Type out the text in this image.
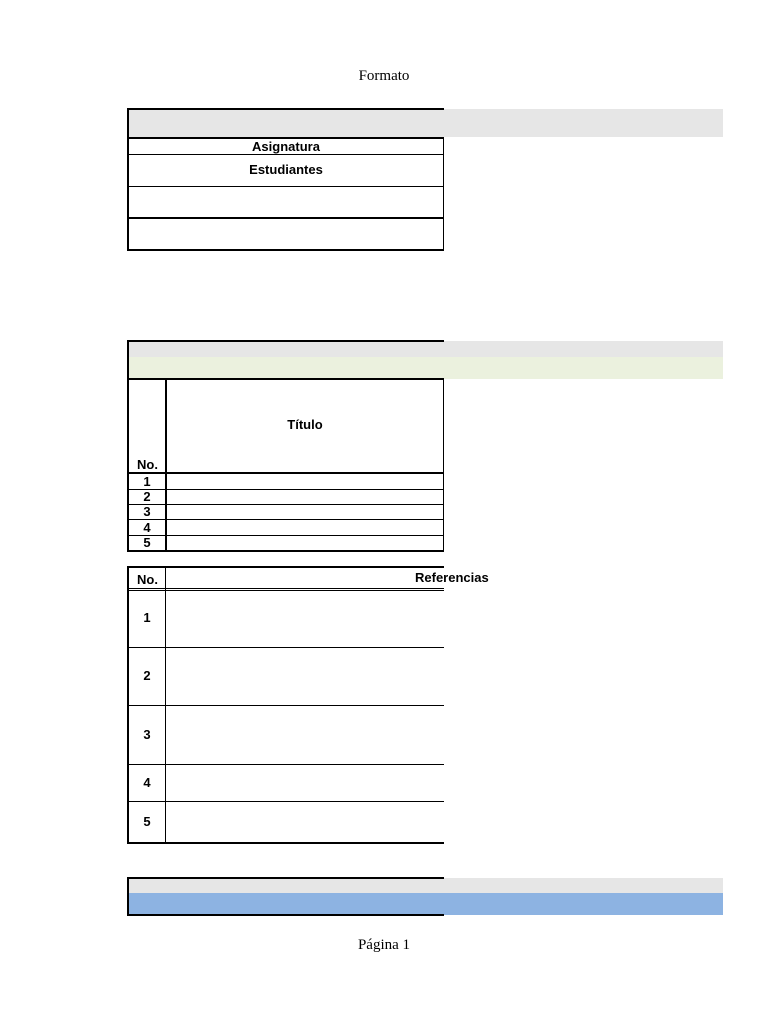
Formato
Asignatura
Estudiantes
No.
Título
1
2
3
4
5
No.	Referencias
1
2
3
4
5
Página 1
